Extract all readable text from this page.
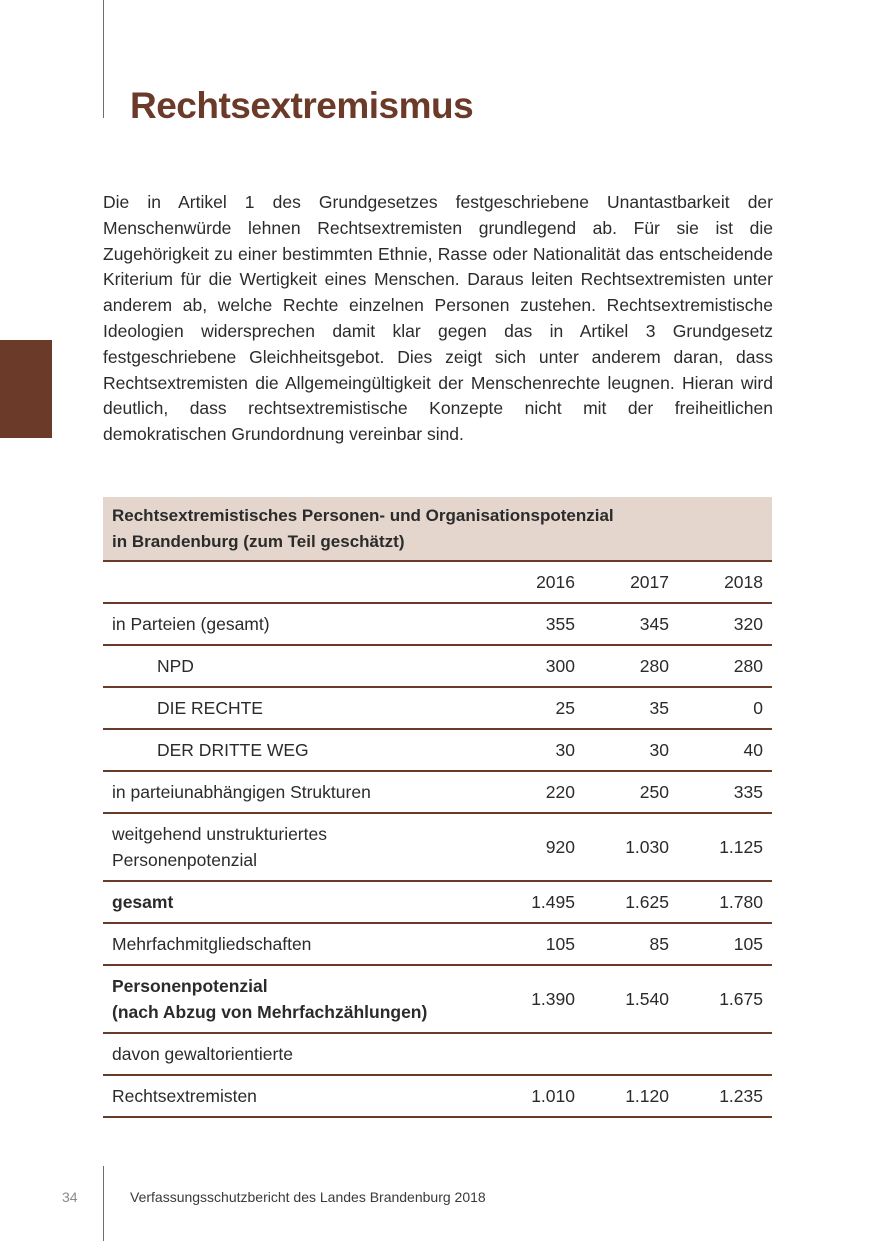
Rechtsextremismus

Die in Artikel 1 des Grundgesetzes festgeschriebene Unantastbarkeit der Menschenwürde lehnen Rechtsextremisten grundlegend ab. Für sie ist die Zugehörigkeit zu einer bestimmten Ethnie, Rasse oder Nationalität das entscheidende Kriterium für die Wertigkeit eines Menschen. Daraus leiten Rechtsextremisten unter anderem ab, welche Rechte einzelnen Personen zustehen. Rechtsextremistische Ideologien widersprechen damit klar gegen das in Artikel 3 Grundgesetz festgeschriebene Gleichheitsgebot. Dies zeigt sich unter anderem daran, dass Rechtsextremisten die Allgemeingültigkeit der Menschenrechte leugnen. Hieran wird deutlich, dass rechtsextremistische Konzepte nicht mit der freiheitlichen demokratischen Grundordnung vereinbar sind.

Rechtsextremistisches Personen- und Organisationspotenzial
in Brandenburg (zum Teil geschätzt)			

	2016	2017	2018
in Parteien (gesamt)	355	345	320
NPD	300	280	280
DIE RECHTE	25	35	0
DER DRITTE WEG	30	30	40
in parteiunabhängigen Strukturen	220	250	335

weitgehend unstrukturiertes
Personenpotenzial	920	1.030	1.125
gesamt	1.495	1.625	1.780
Mehrfachmitgliedschaften	105	85	105

Personenpotenzial
(nach Abzug von Mehrfachzählungen)	1.390	1.540	1.675
davon gewaltorientierte			
Rechtsextremisten	1.010	1.120	1.235
34	Verfassungsschutzbericht des Landes Brandenburg 2018
